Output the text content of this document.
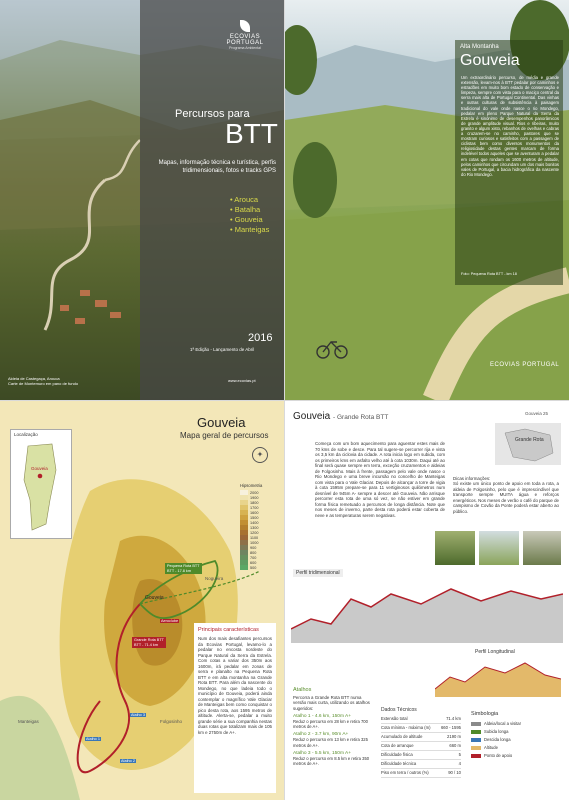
ECOVIAS
PORTUGAL
Programa Ambiental
Percursos para
BTT
Mapas, informação técnica e turística, perfis tridimensionais, fotos e tracks GPS
• Arouca
• Batalha
• Gouveia
• Manteigas
2016
1ª Edição - Lançamento de Abril
Aldeia de Castegaça, Arouca
Carte de Montemuro em pano de fundo
www.ecovias.pt
Alta Montanha
Gouveia
Um extraordinário percurso, de média e grande extensão, levam-nos à BTT pedalar por caminhos e estradões em muito bom estado de conservação e limpeza, sempre com vista para o maciço central da serra mais alta de Portugal Continental. Das vinhas e outras culturas de subsistência à paisagem tradicional do vale onde nasce o rio Mondego, pedalar em pleno Parque Natural da Serra da Estrela é sinónimo de desempenhos panorâmicos de grande amplitude visual. Rios e ribeiras, muito granito e algum xisto, rebanhos de ovelhas e cabras a cruzarem-se no caminho, pastores que se mostram curiosos e satisfeitos com a passagem de ciclistas bem como diversos monumentos da religiosidade destas gentes marcam de forma indelével todos aqueles que se aventuram a pedalar em cotas que rondam os 1600 metros de altitude, pelos caminhos que circundam um dos mais bonitos vales de Portugal, a bacia hidrográfica da nascente do Rio Mondego.
Foto: Pequena Rota BTT - km 18
ECOVIAS PORTUGAL
Gouveia
Mapa geral de percursos
Localização
Gouveia
Hipsometria
2000
1900
1800
1700
1600
1500
1400
1300
1200
1100
1000
900
800
700
600
500
Pequena Rota BTT
BTT - 17.8 km
Grande Rota BTT
BTT - 71.4 km
Gouveia
Manteigas	Folgosinho
Nogueira
Atalho 1
Atalho 2
Atalho 3
Aeroclube
✦
Principais características
Num dos mais desafiantes percursos da Ecovias Portugal, levamo-lo a pedalar no encosta nordeste do Parque Natural da Serra da Estrela. Com cotas a variar dos 350m aos 1600m, irá pedalar em zonas de serra e planalto na Pequena Rota BTT e em alta montanha na Grande Rota BTT. Para além da nascente do Mondego, no que ladeia todo o município de Gouveia, poderá ainda contemplar o magnífico Vale Glaciar de Manteigas bem como conquistar o pico desta rota, aos 1595 metros de altitude. Alerta-se, pedalar a muito grande série a sua companhia nestas duas rotas que totalizam mais de 105 km e 2750m de A+.
Gouveia - Grande Rota BTT
Gouveia 25
Grande Rota
Começa com um bom aquecimento para aguentar estes mais de 70 kms de sobe e desce. Para tal sugere-se percorrer rija e vista os 3,5 km da ciclovia da cidade. A rota inicia logo em subida, com os primeiros kms em asfalto velho até à cota 1030m. Daqui até ao final será quase sempre em terra, exceção cruzamentos e aldeias de Folgosinho. Mais à frente, passagem pelo vale onde nasce o Rio Mondego e uma breve incursão no concelho de Manteigas com vista para o Vale Glaciar. Depois de alcançar a torre de vigia à cota 1595m prepare-se para 11 vertiginosos quilómetros num desnível de 945m A- sempre a descer até Gouveia. Não arrisque percorrer esta rota de uma só vez, se não estiver em grande forma física remetuado a percursos de longa distância. Note que nos meses de inverno, parte desta rota poderá estar coberta de neve e as temperaturas serem negativas.
Dicas informações:
Só existe um único ponto de apoio em toda a rota, a aldeia de Folgosinho, pelo que é imprescindível que transporte sempre MUITA água e reforços energéticos. Nos meses de verão o café do parque de campismo de Covão da Ponte poderá estar aberto ao público.
Perfil tridimensional
Perfil Longitudinal
Atalhos
Percorra a Grande Rota BTT numa versão mais curta, utilizando os atalhos sugeridos:
Atalho 1 - 4.6 km, 150m A+
Reduz o percurso em 28 km e retira 700 metros de A+.
Atalho 2 - 3.7 km, 90m A+
Reduz o percurso em 13 km e retira 325 metros de A+.
Atalho 3 - 5.5 km, 150m A+
Reduz o percurso em 8.5 km e retira 350 metros de A+.
Dados Técnicos
Extensão total	71.4 km
Cota mínima - máxima (m) 660 - 1595
Acumulado de altitude	2190 m
Cota de arranque	660 m
Dificuldade física	5
Dificuldade técnica	4
Piso em terra / outros (%)	90 / 10
Simbologia
Aldeia/local a visitar
Subida longa
Descida longa
Altitude
Ponto de apoio
